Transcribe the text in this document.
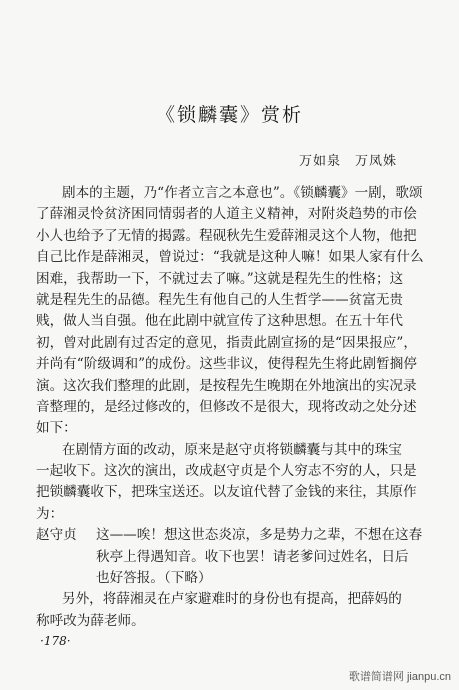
《锁麟囊》赏析
万如泉　万凤姝
剧本的主题，乃“作者立言之本意也”。《锁麟囊》一剧，歌颂
了薛湘灵怜贫济困同情弱者的人道主义精神，对附炎趋势的市侩
小人也给予了无情的揭露。程砚秋先生爱薛湘灵这个人物，他把
自己比作是薛湘灵，曾说过：“我就是这种人嘛！如果人家有什么
困难，我帮助一下，不就过去了嘛。”这就是程先生的性格；这
就是程先生的品德。程先生有他自己的人生哲学——贫富无贵
贱，做人当自强。他在此剧中就宣传了这种思想。在五十年代
初，曾对此剧有过否定的意见，指责此剧宣扬的是“因果报应”，
并尚有“阶级调和”的成份。这些非议，使得程先生将此剧暂搁停
演。这次我们整理的此剧，是按程先生晚期在外地演出的实况录
音整理的，是经过修改的，但修改不是很大，现将改动之处分述
如下：
在剧情方面的改动，原来是赵守贞将锁麟囊与其中的珠宝
一起收下。这次的演出，改成赵守贞是个人穷志不穷的人，只是
把锁麟囊收下，把珠宝送还。以友谊代替了金钱的来往，其原作
为：
赵守贞 这——唉！想这世态炎凉，多是势力之辈，不想在这春
秋亭上得遇知音。收下也罢！请老爹问过姓名，日后
也好答报。（下略）
另外，将薛湘灵在卢家避难时的身份也有提高，把薛妈的
称呼改为薛老师。
·178·
歌谱简谱网 jianpu.cn
